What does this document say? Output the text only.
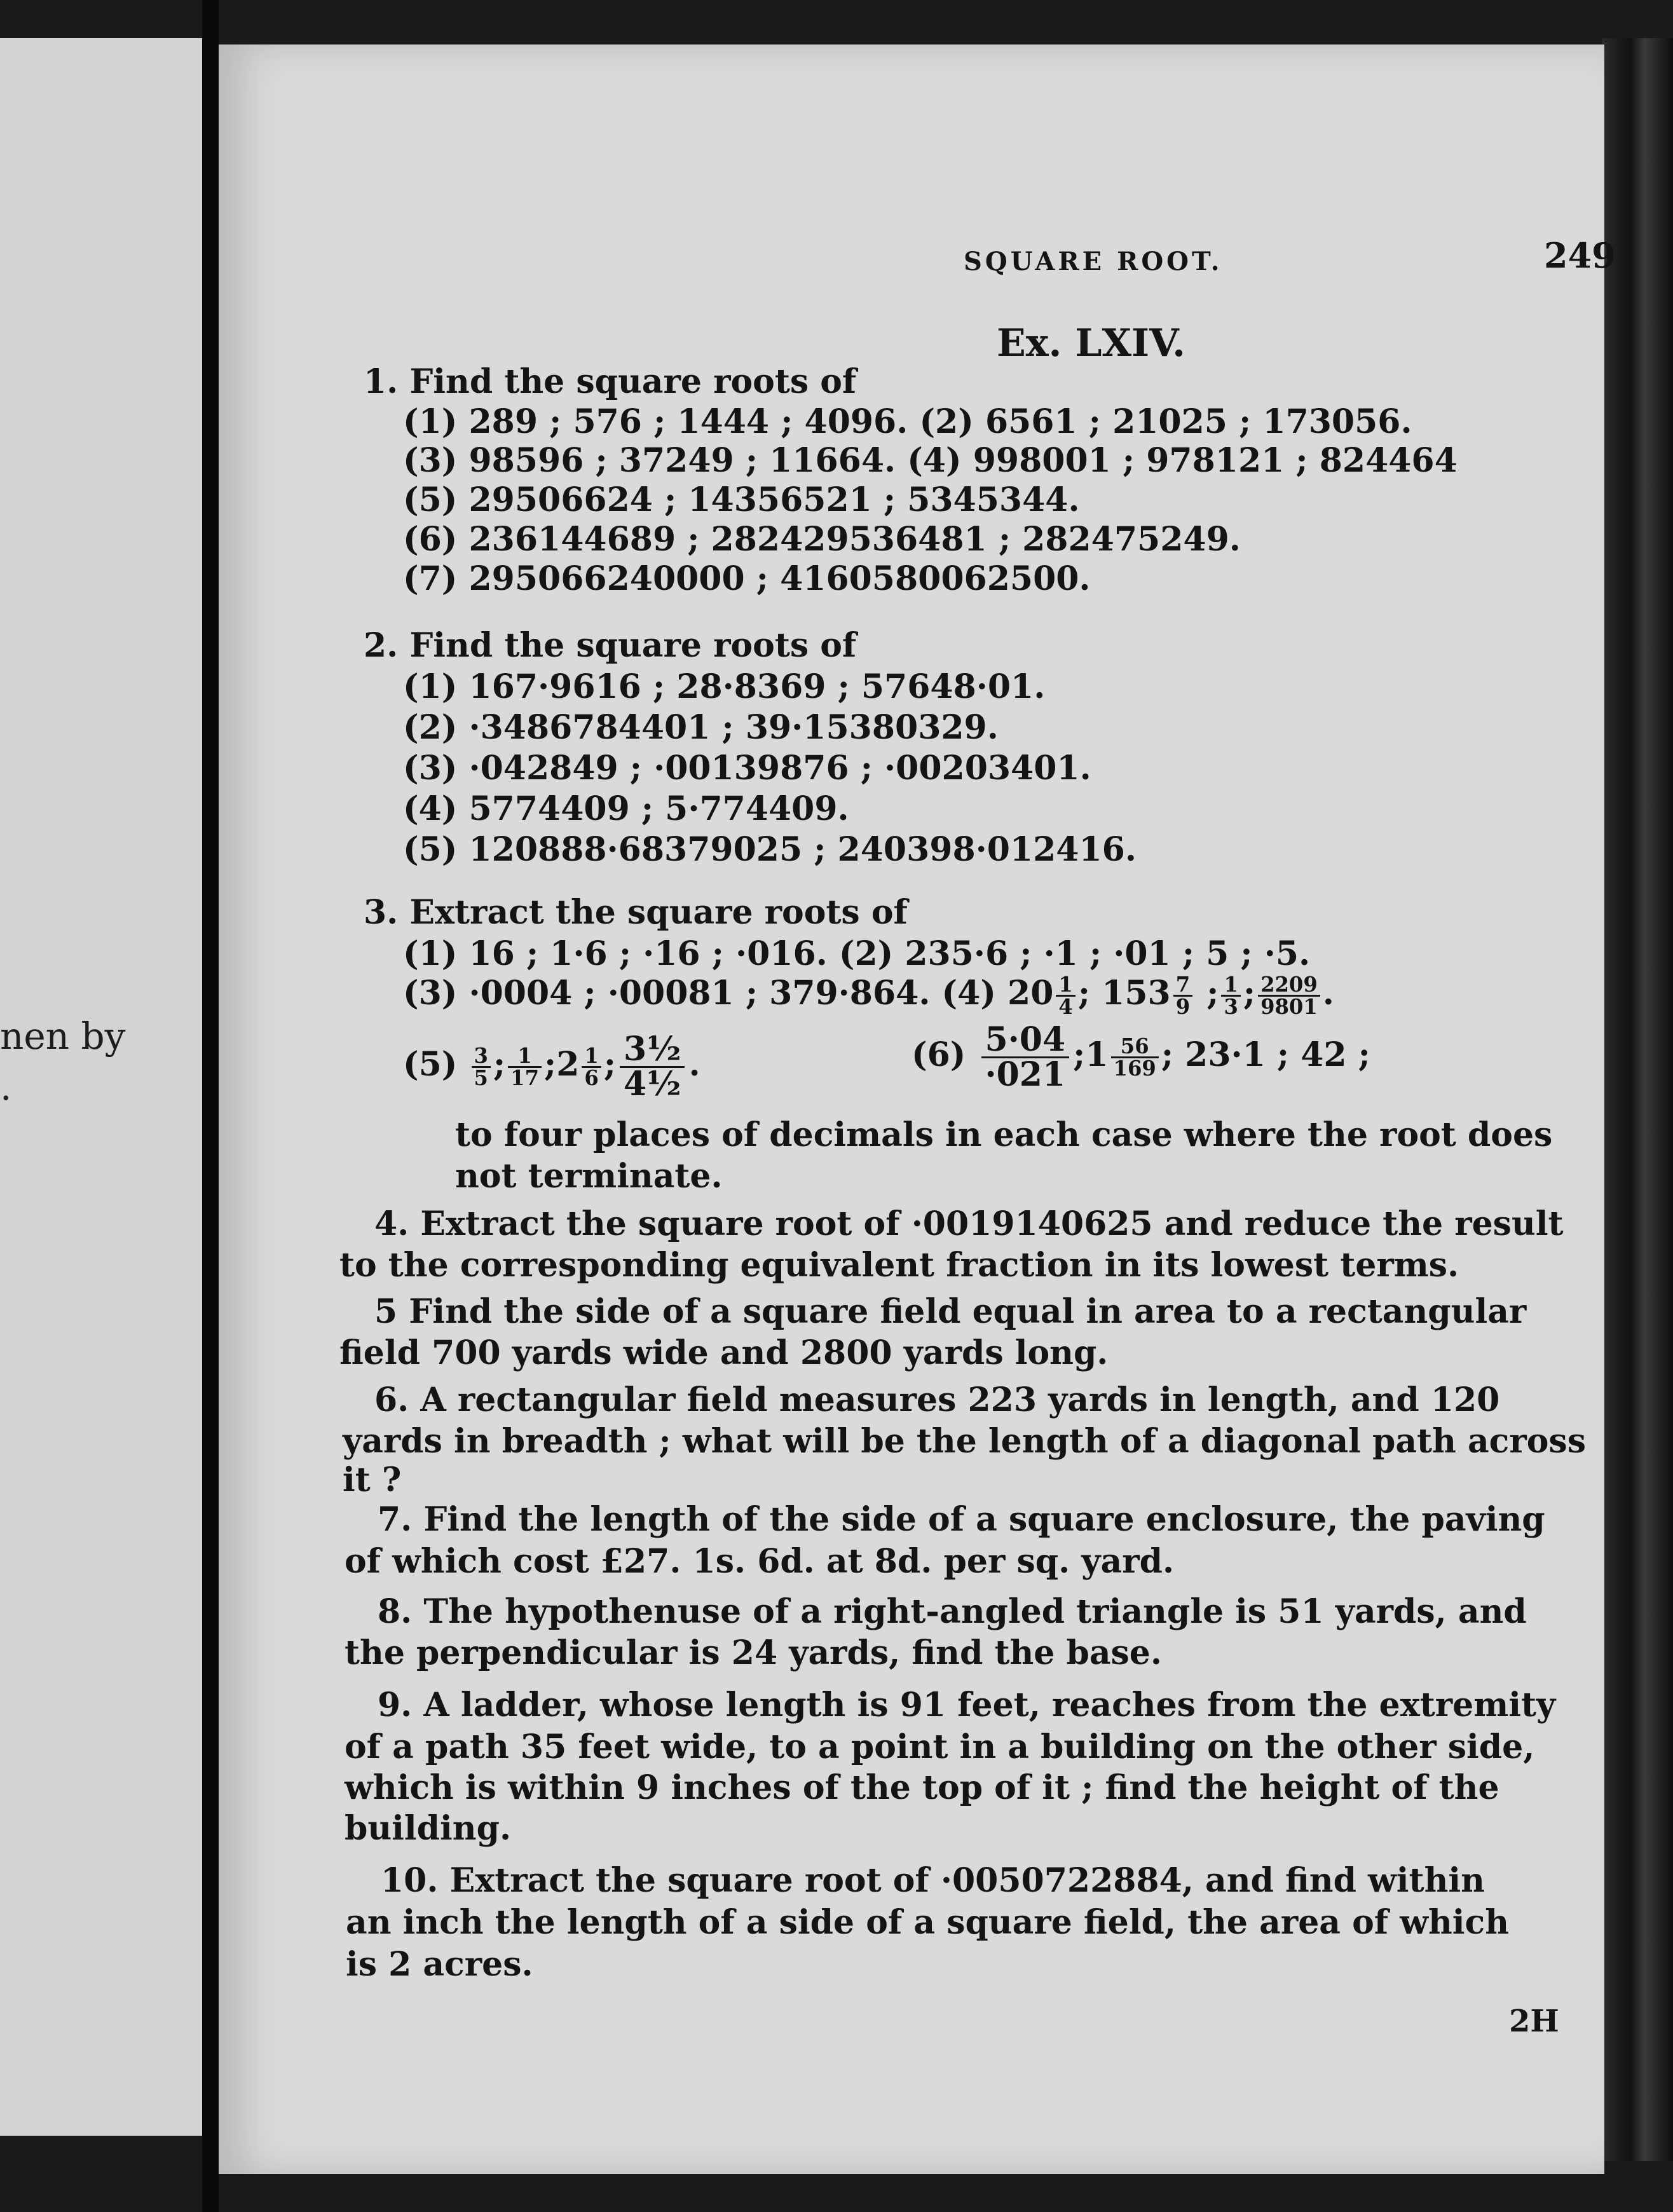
nen by
.
SQUARE ROOT.	249
Ex. LXIV.
1. Find the square roots of
(1) 289 ; 576 ; 1444 ; 4096. (2) 6561 ; 21025 ; 173056.
(3) 98596 ; 37249 ; 11664. (4) 998001 ; 978121 ; 824464
(5) 29506624 ; 14356521 ; 5345344.
(6) 236144689 ; 282429536481 ; 282475249.
(7) 295066240000 ; 4160580062500.
2. Find the square roots of
(1) 167·9616 ; 28·8369 ; 57648·01.
(2) ·3486784401 ; 39·15380329.
(3) ·042849 ; ·00139876 ; ·00203401.
(4) 5774409 ; 5·774409.
(5) 120888·68379025 ; 240398·012416.
3. Extract the square roots of
(1) 16 ; 1·6 ; ·16 ; ·016. (2) 235·6 ; ·1 ; ·01 ; 5 ; ·5.
(3) ·0004 ; ·00081 ; 379·864. (4) $20 \frac{1}{4}$ ; $153 \frac{7}{9}$ ; $\frac{1}{3}$ ; $\frac{2209}{9801}$ .
$(5) \frac{3}{5}$ ; $\frac{1}{17}$ ;2 $\frac{1}{6}$ ; $\frac{\text{3½}}{\text{4½}}$ .	$(6) \frac{5\cdot 04}{\cdot 021}$ ;1 $\frac{56}{169}$ ; 23·1 ; 42 ;
to four places of decimals in each case where the root does
not terminate.
4. Extract the square root of ·0019140625 and reduce the result
to the corresponding equivalent fraction in its lowest terms.
5 Find the side of a square field equal in area to a rectangular
field 700 yards wide and 2800 yards long.
6. A rectangular field measures 223 yards in length, and 120
yards in breadth ; what will be the length of a diagonal path across
it ?
7. Find the length of the side of a square enclosure, the paving
of which cost £27. 1s. 6d. at 8d. per sq. yard.
8. The hypothenuse of a right-angled triangle is 51 yards, and
the perpendicular is 24 yards, find the base.
9. A ladder, whose length is 91 feet, reaches from the extremity
of a path 35 feet wide, to a point in a building on the other side,
which is within 9 inches of the top of it ; find the height of the
building.
10. Extract the square root of ·0050722884, and find within
an inch the length of a side of a square field, the area of which
is 2 acres.
2H
